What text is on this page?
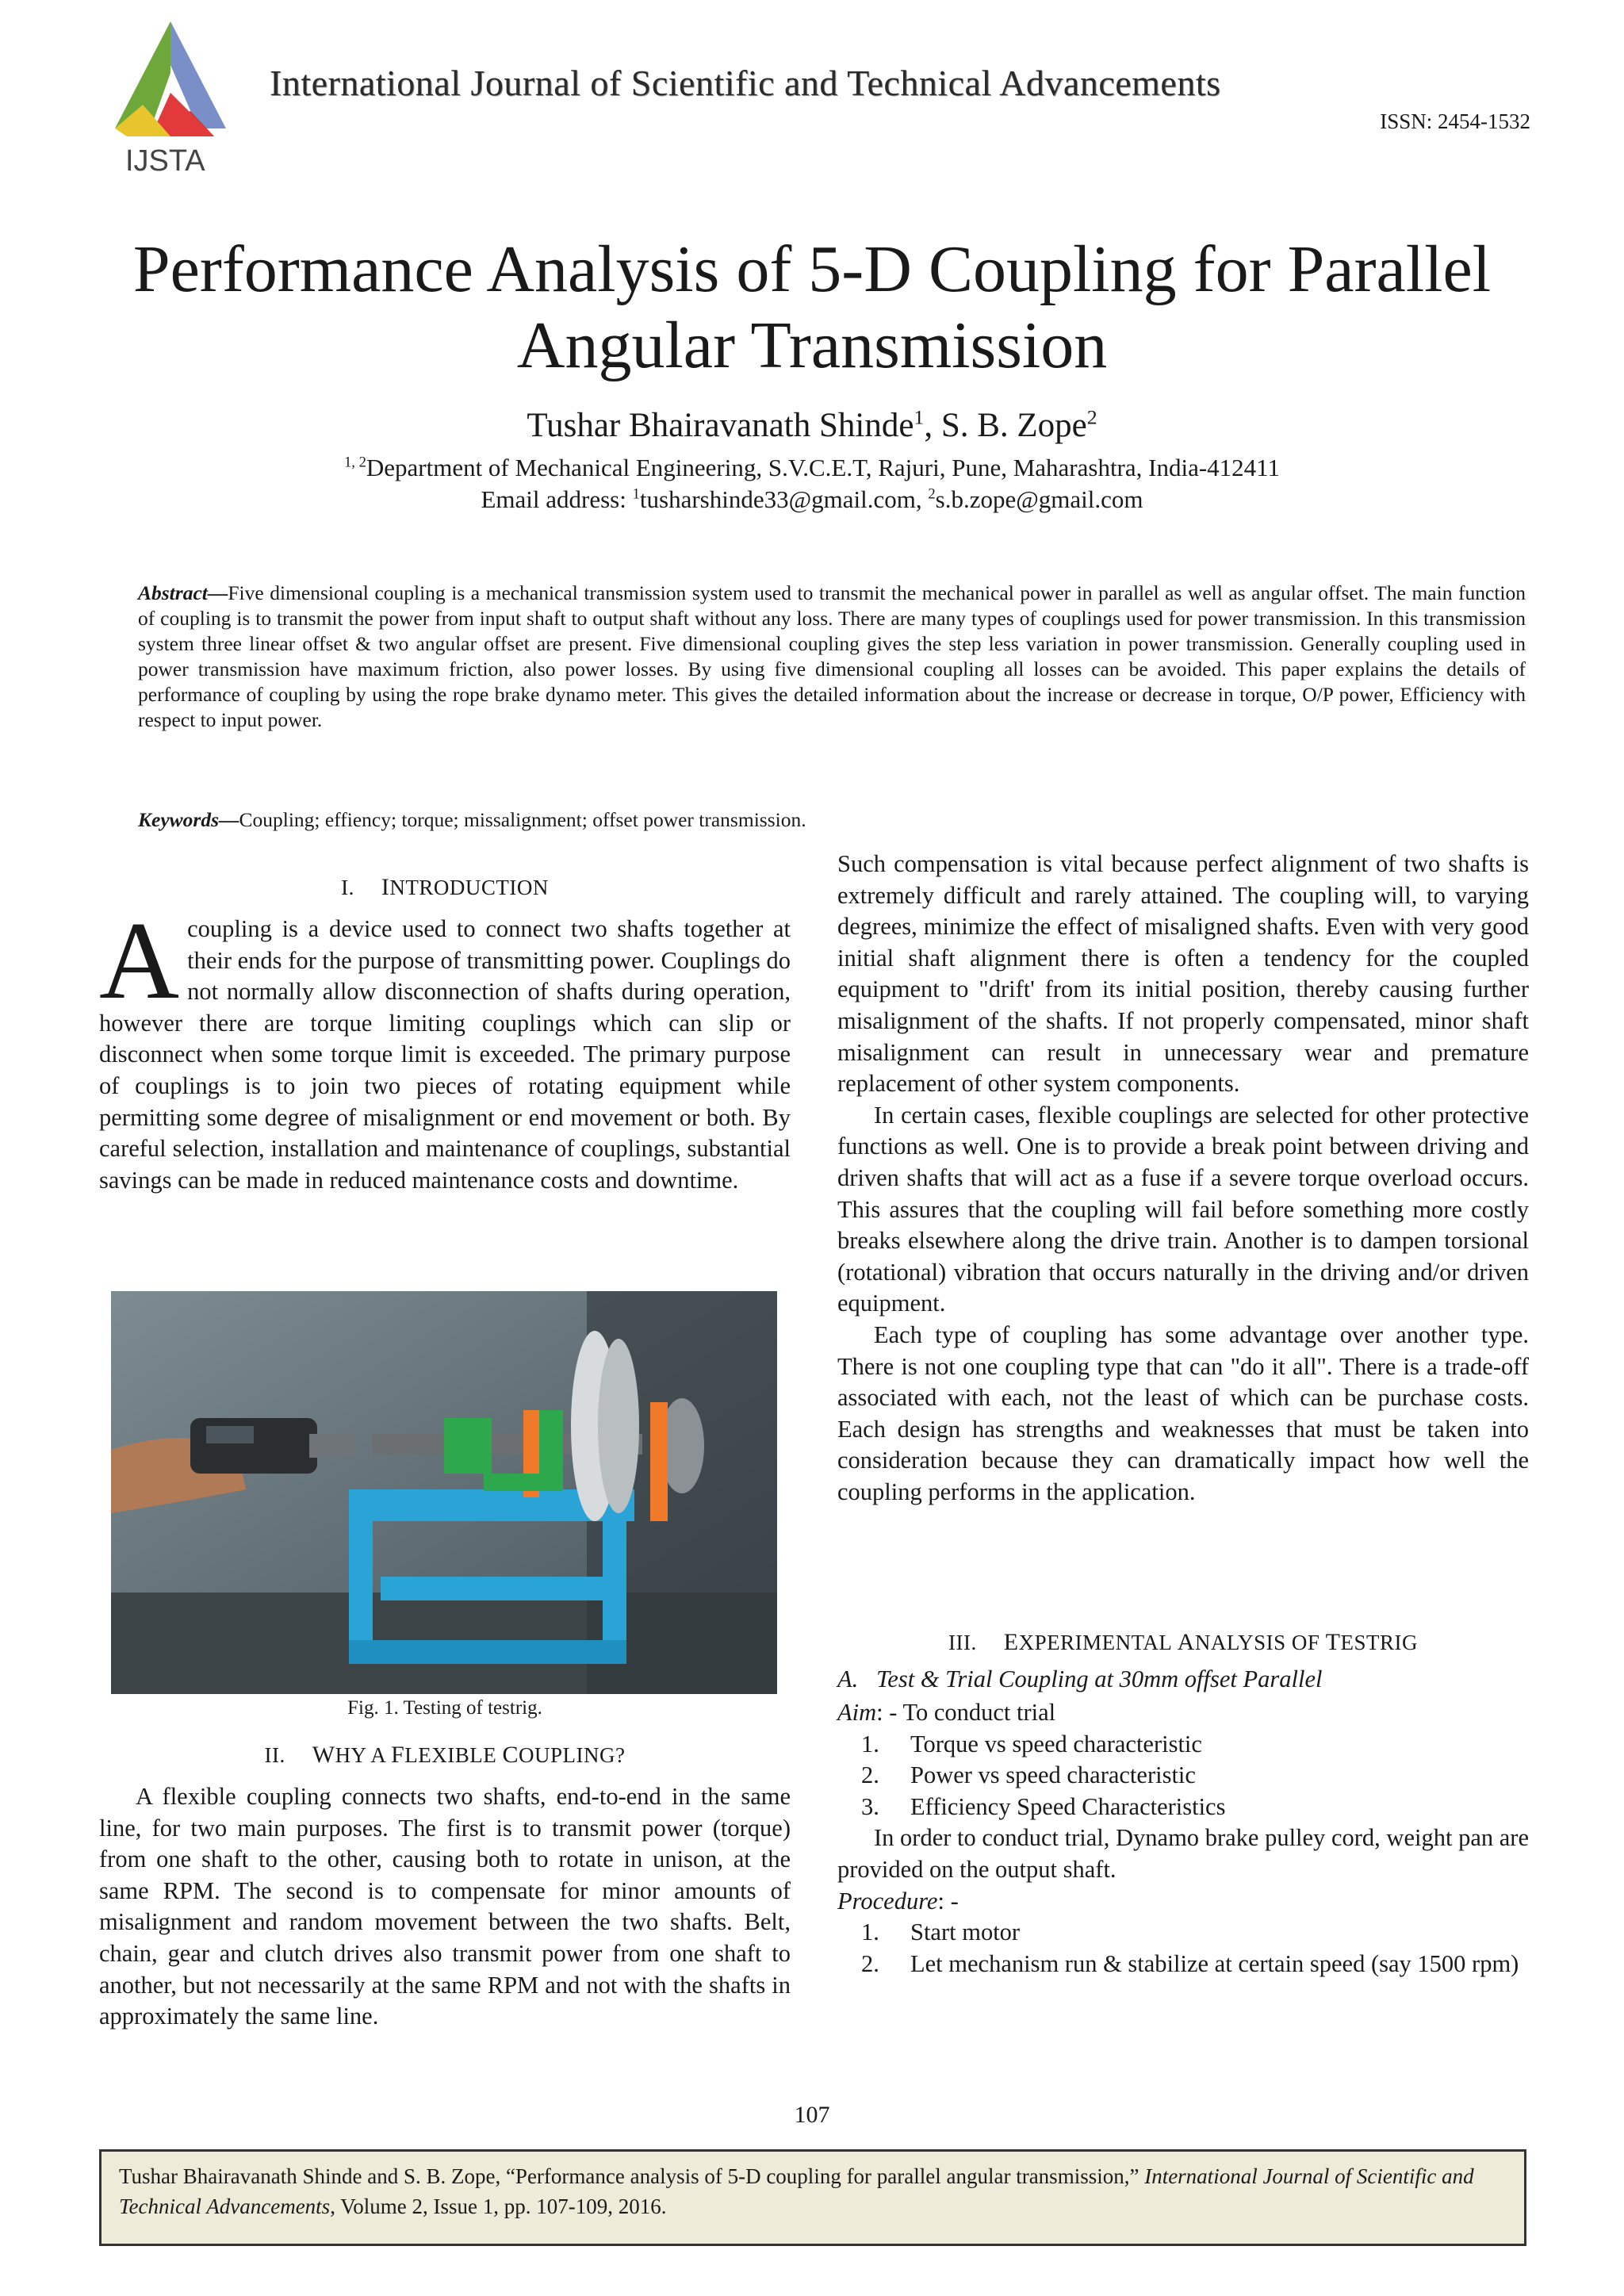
IJSTA
International Journal of Scientific and Technical Advancements
ISSN: 2454-1532
Performance Analysis of 5-D Coupling for Parallel
Angular Transmission
Tushar Bhairavanath Shinde$^1$, S. B. Zope$^2$
$^{1, 2}$Department of Mechanical Engineering, S.V.C.E.T, Rajuri, Pune, Maharashtra, India-412411
Email address: $^1$tusharshinde33@gmail.com, $^2$s.b.zope@gmail.com
Abstract—Five dimensional coupling is a mechanical transmission system used to transmit the mechanical power in parallel as well as angular offset. The main function of coupling is to transmit the power from input shaft to output shaft without any loss. There are many types of couplings used for power transmission. In this transmission system three linear offset & two angular offset are present. Five dimensional coupling gives the step less variation in power transmission. Generally coupling used in power transmission have maximum friction, also power losses. By using five dimensional coupling all losses can be avoided. This paper explains the details of performance of coupling by using the rope brake dynamo meter. This gives the detailed information about the increase or decrease in torque, O/P power, Efficiency with respect to input power.
Keywords—Coupling; effiency; torque; missalignment; offset power transmission.
I. INTRODUCTION
A coupling is a device used to connect two shafts together at their ends for the purpose of transmitting power. Couplings do not normally allow disconnection of shafts during operation, however there are torque limiting couplings which can slip or disconnect when some torque limit is exceeded. The primary purpose of couplings is to join two pieces of rotating equipment while permitting some degree of misalignment or end movement or both. By careful selection, installation and maintenance of couplings, substantial savings can be made in reduced maintenance costs and downtime.
Fig. 1. Testing of testrig.
II. WHY A FLEXIBLE COUPLING?

A flexible coupling connects two shafts, end-to-end in the same line, for two main purposes. The first is to transmit power (torque) from one shaft to the other, causing both to rotate in unison, at the same RPM. The second is to compensate for minor amounts of misalignment and random movement between the two shafts. Belt, chain, gear and clutch drives also transmit power from one shaft to another, but not necessarily at the same RPM and not with the shafts in approximately the same line.

Such compensation is vital because perfect alignment of two shafts is extremely difficult and rarely attained. The coupling will, to varying degrees, minimize the effect of misaligned shafts. Even with very good initial shaft alignment there is often a tendency for the coupled equipment to "drift' from its initial position, thereby causing further misalignment of the shafts. If not properly compensated, minor shaft misalignment can result in unnecessary wear and premature replacement of other system components.

In certain cases, flexible couplings are selected for other protective functions as well. One is to provide a break point between driving and driven shafts that will act as a fuse if a severe torque overload occurs. This assures that the coupling will fail before something more costly breaks elsewhere along the drive train. Another is to dampen torsional (rotational) vibration that occurs naturally in the driving and/or driven equipment.

Each type of coupling has some advantage over another type. There is not one coupling type that can "do it all". There is a trade-off associated with each, not the least of which can be purchase costs. Each design has strengths and weaknesses that must be taken into consideration because they can dramatically impact how well the coupling performs in the application.

III. EXPERIMENTAL ANALYSIS OF TESTRIG
A.   Test & Trial Coupling at 30mm offset Parallel

Aim: - To conduct trial

1. Torque vs speed characteristic
2. Power vs speed characteristic
3. Efficiency Speed Characteristics

In order to conduct trial, Dynamo brake pulley cord, weight pan are provided on the output shaft.

Procedure: -

1. Start motor
2. Let mechanism run & stabilize at certain speed (say 1500 rpm)
107
Tushar Bhairavanath Shinde and S. B. Zope, “Performance analysis of 5-D coupling for parallel angular transmission,” International Journal of Scientific and Technical Advancements, Volume 2, Issue 1, pp. 107-109, 2016.
